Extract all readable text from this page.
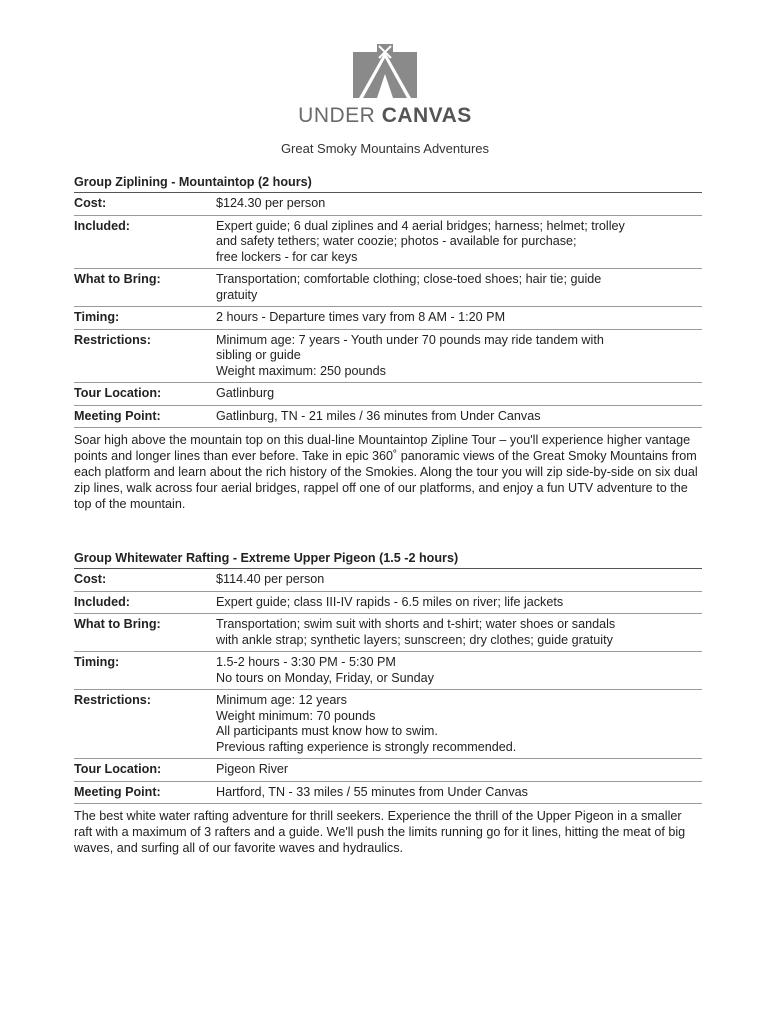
UNDER CANVAS
Great Smoky Mountains Adventures
Group Ziplining - Mountaintop (2 hours)
Cost:	$124.30 per person
Included:	Expert guide; 6 dual ziplines and 4 aerial bridges; harness; helmet; trolley
and safety tethers; water coozie; photos - available for purchase;
free lockers - for car keys
What to Bring:	Transportation; comfortable clothing; close-toed shoes; hair tie; guide
gratuity
Timing:	2 hours - Departure times vary from 8 AM - 1:20 PM
Restrictions:	Minimum age: 7 years - Youth under 70 pounds may ride tandem with
sibling or guide
Weight maximum: 250 pounds
Tour Location:	Gatlinburg
Meeting Point:	Gatlinburg, TN - 21 miles / 36 minutes from Under Canvas
Soar high above the mountain top on this dual-line Mountaintop Zipline Tour – you'll experience higher vantage points and longer lines than ever before. Take in epic 360˚ panoramic views of the Great Smoky Mountains from each platform and learn about the rich history of the Smokies. Along the tour you will zip side-by-side on six dual zip lines, walk across four aerial bridges, rappel off one of our platforms, and enjoy a fun UTV adventure to the top of the mountain.
Group Whitewater Rafting - Extreme Upper Pigeon (1.5 -2 hours)
Cost:	$114.40 per person
Included:	Expert guide; class III-IV rapids - 6.5 miles on river; life jackets
What to Bring:	Transportation; swim suit with shorts and t-shirt; water shoes or sandals
with ankle strap; synthetic layers; sunscreen; dry clothes; guide gratuity
Timing:	1.5-2 hours - 3:30 PM - 5:30 PM
No tours on Monday, Friday, or Sunday
Restrictions:	Minimum age: 12 years
Weight minimum: 70 pounds
All participants must know how to swim.
Previous rafting experience is strongly recommended.
Tour Location:	Pigeon River
Meeting Point:	Hartford, TN - 33 miles / 55 minutes from Under Canvas
The best white water rafting adventure for thrill seekers. Experience the thrill of the Upper Pigeon in a smaller raft with a maximum of 3 rafters and a guide. We'll push the limits running go for it lines, hitting the meat of big waves, and surfing all of our favorite waves and hydraulics.
